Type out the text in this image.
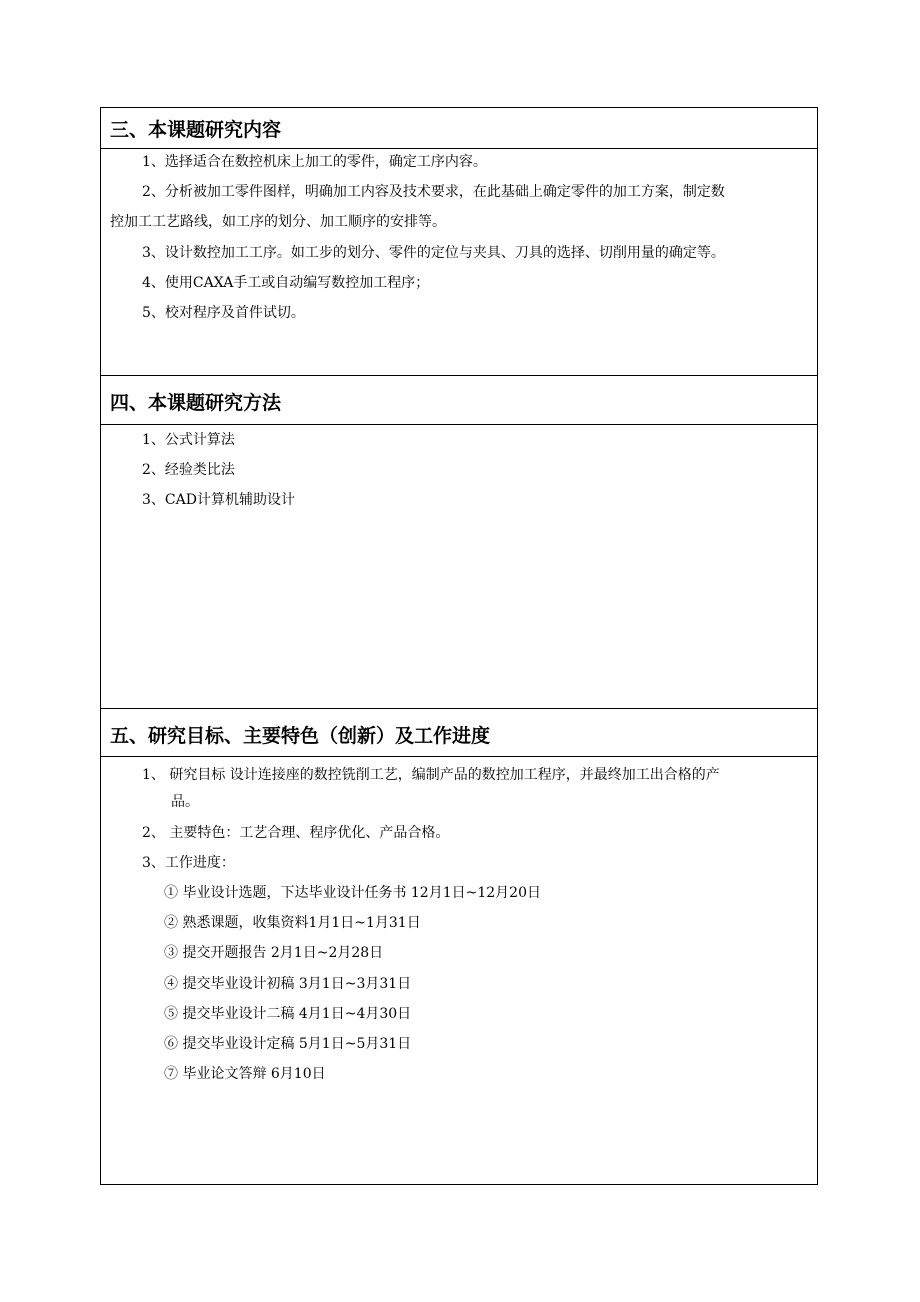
三、本课题研究内容
1、选择适合在数控机床上加工的零件，确定工序内容。
2、分析被加工零件图样，明确加工内容及技术要求，在此基础上确定零件的加工方案，制定数
控加工工艺路线，如工序的划分、加工顺序的安排等。
3、设计数控加工工序。如工步的划分、零件的定位与夹具、刀具的选择、切削用量的确定等。
4、使用CAXA手工或自动编写数控加工程序；
5、校对程序及首件试切。
四、本课题研究方法
1、公式计算法
2、经验类比法
3、CAD计算机辅助设计
五、研究目标、主要特色（创新）及工作进度
1、 研究目标 设计连接座的数控铣削工艺，编制产品的数控加工程序，并最终加工出合格的产
品。
2、 主要特色：工艺合理、程序优化、产品合格。
3、工作进度：
① 毕业设计选题，下达毕业设计任务书 12月1日~12月20日
② 熟悉课题，收集资料1月1日~1月31日
③ 提交开题报告 2月1日~2月28日
④ 提交毕业设计初稿 3月1日~3月31日
⑤ 提交毕业设计二稿 4月1日~4月30日
⑥ 提交毕业设计定稿 5月1日~5月31日
⑦ 毕业论文答辩 6月10日
